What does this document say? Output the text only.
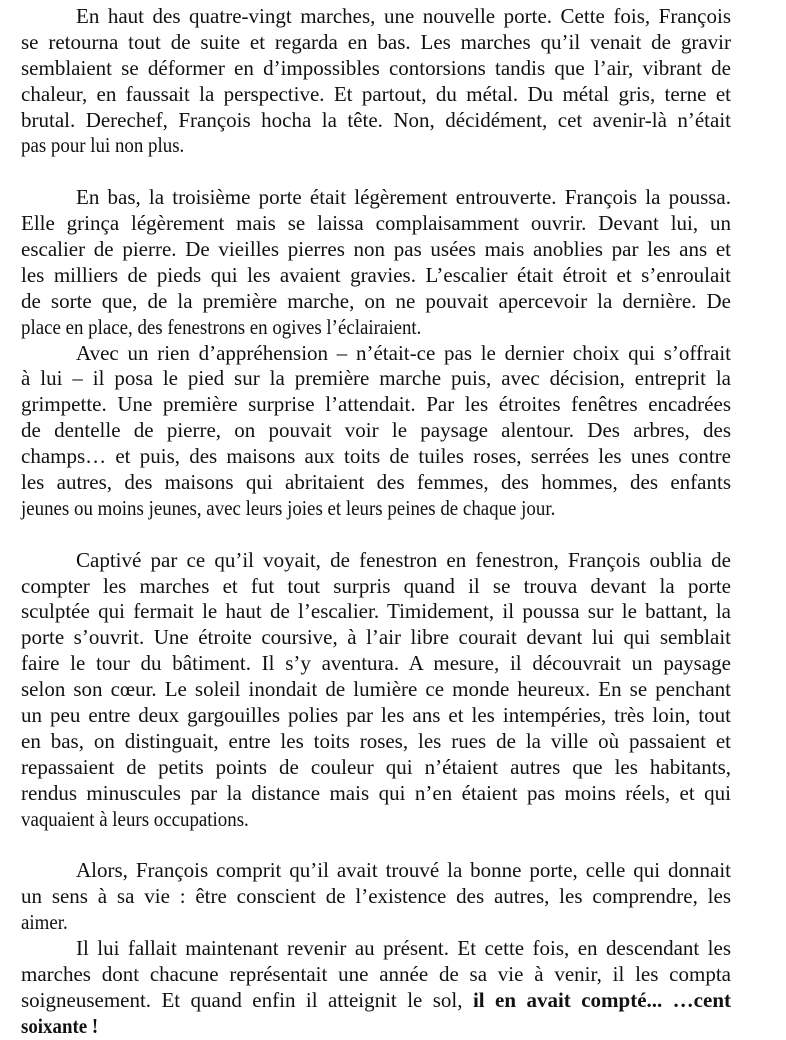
En haut des quatre-vingt marches, une nouvelle porte. Cette fois, François
se retourna tout de suite et regarda en bas. Les marches qu’il venait de gravir
semblaient se déformer en d’impossibles contorsions tandis que l’air, vibrant de
chaleur, en faussait la perspective. Et partout, du métal. Du métal gris, terne et
brutal. Derechef, François hocha la tête. Non, décidément, cet avenir-là n’était
pas pour lui non plus.
En bas, la troisième porte était légèrement entrouverte. François la poussa.
Elle grinça légèrement mais se laissa complaisamment ouvrir. Devant lui, un
escalier de pierre. De vieilles pierres non pas usées mais anoblies par les ans et
les milliers de pieds qui les avaient gravies. L’escalier était étroit et s’enroulait
de sorte que, de la première marche, on ne pouvait apercevoir la dernière. De
place en place, des fenestrons en ogives l’éclairaient.
Avec un rien d’appréhension – n’était-ce pas le dernier choix qui s’offrait
à lui – il posa le pied sur la première marche puis, avec décision, entreprit la
grimpette. Une première surprise l’attendait. Par les étroites fenêtres encadrées
de dentelle de pierre, on pouvait voir le paysage alentour. Des arbres, des
champs… et puis, des maisons aux toits de tuiles roses, serrées les unes contre
les autres, des maisons qui abritaient des femmes, des hommes, des enfants
jeunes ou moins jeunes, avec leurs joies et leurs peines de chaque jour.
Captivé par ce qu’il voyait, de fenestron en fenestron, François oublia de
compter les marches et fut tout surpris quand il se trouva devant la porte
sculptée qui fermait le haut de l’escalier. Timidement, il poussa sur le battant, la
porte s’ouvrit. Une étroite coursive, à l’air libre courait devant lui qui semblait
faire le tour du bâtiment. Il s’y aventura. A mesure, il découvrait un paysage
selon son cœur. Le soleil inondait de lumière ce monde heureux. En se penchant
un peu entre deux gargouilles polies par les ans et les intempéries, très loin, tout
en bas, on distinguait, entre les toits roses, les rues de la ville où passaient et
repassaient de petits points de couleur qui n’étaient autres que les habitants,
rendus minuscules par la distance mais qui n’en étaient pas moins réels, et qui
vaquaient à leurs occupations.
Alors, François comprit qu’il avait trouvé la bonne porte, celle qui donnait
un sens à sa vie : être conscient de l’existence des autres, les comprendre, les
aimer.
Il lui fallait maintenant revenir au présent. Et cette fois, en descendant les
marches dont chacune représentait une année de sa vie à venir, il les compta
soigneusement. Et quand enfin il atteignit le sol, il en avait compté... …cent
soixante !
